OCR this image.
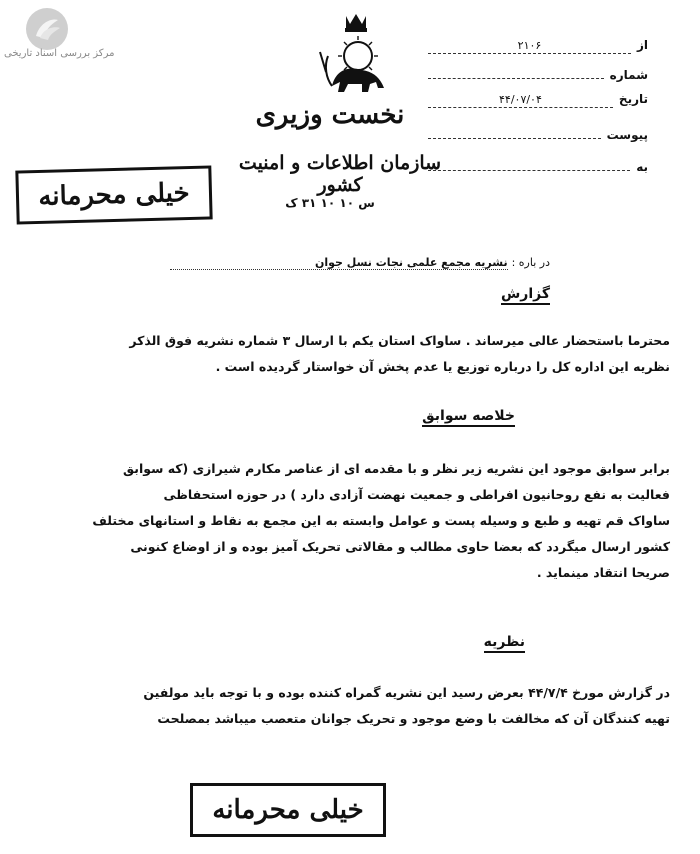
مرکز بررسی اسناد تاریخی
از
۲۱۰۶
شماره
تاریخ
۴۴/۰۷/۰۴
پیوست
به
نخست وزیری
سازمان اطلاعات و امنیت کشور
س ۱۰ ۱۰ ۳۱ ک
خیلی محرمانه
در باره :
نشریه مجمع علمی نجات نسل جوان
گزارش
محترما باستحضار عالی میرساند . ساواک استان یکم با ارسال ۳ شماره نشریه فوق الذکر
نظریه این اداره کل را درباره توزیع یا عدم پخش آن خواستار گردیده است .
خلاصه سوابق
برابر سوابق موجود این نشریه زیر نظر و با مقدمه ای از عناصر مکارم شیرازی (که سوابق
فعالیت به نفع روحانیون افراطی و جمعیت نهضت آزادی دارد ) در حوزه استحفاظی
ساواک قم تهیه و طبع و وسیله پست و عوامل وابسته به این مجمع به نقاط و استانهای مختلف
کشور ارسال میگردد که بعضا حاوی مطالب و مقالاتی تحریک آمیز بوده و از اوضاع کنونی
صریحا انتقاد مینماید .
نظریه
در گزارش مورخ ۴۴/۷/۴ بعرض رسید این نشریه گمراه کننده بوده و با توجه باید مولفین
تهیه کنندگان آن که مخالفت با وضع موجود و تحریک جوانان متعصب میباشد بمصلحت
خیلی محرمانه
